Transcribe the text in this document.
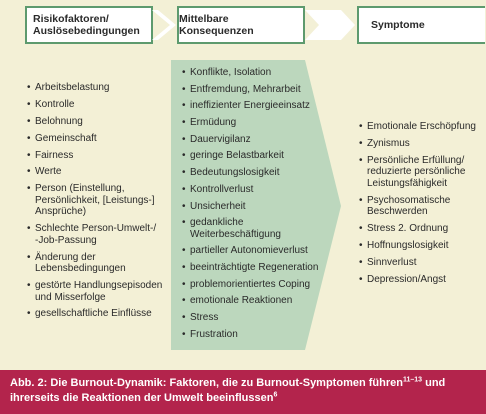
Risikofaktoren/
Auslösebedingungen
Mittelbare Konsequenzen	Symptome
• Arbeitsbelastung
• Kontrolle
• Belohnung
• Gemeinschaft
• Fairness
• Werte
• Person (Einstellung,
Persönlichkeit, [Leistungs-]
Ansprüche)
• Schlechte Person-Umwelt-/
-Job-Passung
• Änderung der
Lebensbedingungen
• gestörte Handlungsepisoden
und Misserfolge
• gesellschaftliche Einflüsse
• Konflikte, Isolation
• Entfremdung, Mehrarbeit
• ineffizienter Energieeinsatz
• Ermüdung
• Dauervigilanz
• geringe Belastbarkeit
• Bedeutungslosigkeit
• Kontrollverlust
• Unsicherheit
• gedankliche
Weiterbeschäftigung
• partieller Autonomieverlust
• beeinträchtigte Regeneration
• problemorientiertes Coping
• emotionale Reaktionen
• Stress
• Frustration
• Emotionale Erschöpfung
• Zynismus
• Persönliche Erfüllung/
reduzierte persönliche
Leistungsfähigkeit
• Psychosomatische
Beschwerden
• Stress 2. Ordnung
• Hoffnungslosigkeit
• Sinnverlust
• Depression/Angst
Abb. 2: Die Burnout-Dynamik: Faktoren, die zu Burnout-Symptomen führen$^{11-13}$ und
ihrerseits die Reaktionen der Umwelt beeinflussen$^6$
